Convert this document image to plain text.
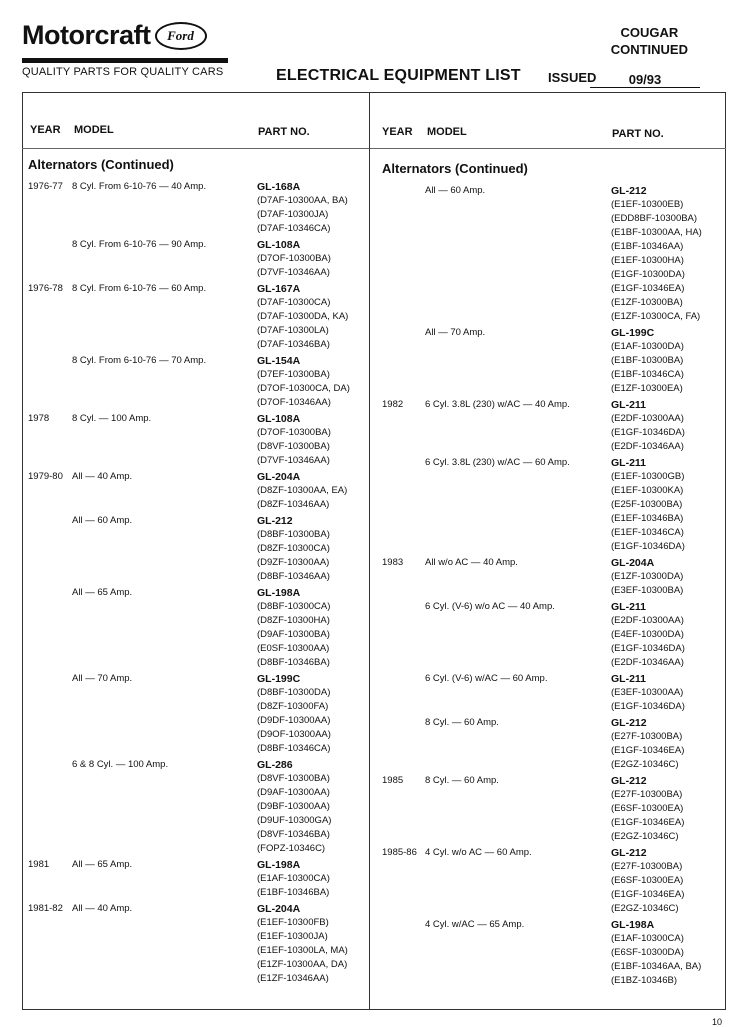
Motorcraft	Ford
QUALITY PARTS FOR QUALITY CARS
COUGAR
CONTINUED
ELECTRICAL EQUIPMENT LIST ISSUED	09/93
YEAR MODEL	PART NO.
Alternators (Continued)
YEAR MODEL	PART NO.
Alternators (Continued)
1976-77 8 Cyl. From 6-10-76 — 40 Amp.	GL-168A
(D7AF-10300AA, BA)
(D7AF-10300JA)
(D7AF-10346CA)
8 Cyl. From 6-10-76 — 90 Amp.	GL-108A
(D7OF-10300BA)
(D7VF-10346AA)
1976-78 8 Cyl. From 6-10-76 — 60 Amp.	GL-167A
(D7AF-10300CA)
(D7AF-10300DA, KA)
(D7AF-10300LA)
(D7AF-10346BA)
8 Cyl. From 6-10-76 — 70 Amp.	GL-154A
(D7EF-10300BA)
(D7OF-10300CA, DA)
(D7OF-10346AA)
1978 8 Cyl. — 100 Amp.	GL-108A
(D7OF-10300BA)
(D8VF-10300BA)
(D7VF-10346AA)
1979-80 All — 40 Amp.	GL-204A
(D8ZF-10300AA, EA)
(D8ZF-10346AA)
All — 60 Amp.	GL-212
(D8BF-10300BA)
(D8ZF-10300CA)
(D9ZF-10300AA)
(D8BF-10346AA)
All — 65 Amp.	GL-198A
(D8BF-10300CA)
(D8ZF-10300HA)
(D9AF-10300BA)
(E0SF-10300AA)
(D8BF-10346BA)
All — 70 Amp.	GL-199C
(D8BF-10300DA)
(D8ZF-10300FA)
(D9DF-10300AA)
(D9OF-10300AA)
(D8BF-10346CA)
6 & 8 Cyl. — 100 Amp.	GL-286
(D8VF-10300BA)
(D9AF-10300AA)
(D9BF-10300AA)
(D9UF-10300GA)
(D8VF-10346BA)
(FOPZ-10346C)
1981 All — 65 Amp.	GL-198A
(E1AF-10300CA)
(E1BF-10346BA)
1981-82 All — 40 Amp.	GL-204A
(E1EF-10300FB)
(E1EF-10300JA)
(E1EF-10300LA, MA)
(E1ZF-10300AA, DA)
(E1ZF-10346AA)
All — 60 Amp.	GL-212
(E1EF-10300EB)
(EDD8BF-10300BA)
(E1BF-10300AA, HA)
(E1BF-10346AA)
(E1EF-10300HA)
(E1GF-10300DA)
(E1GF-10346EA)
(E1ZF-10300BA)
(E1ZF-10300CA, FA)
All — 70 Amp.	GL-199C
(E1AF-10300DA)
(E1BF-10300BA)
(E1BF-10346CA)
(E1ZF-10300EA)
1982 6 Cyl. 3.8L (230) w/AC — 40 Amp.	GL-211
(E2DF-10300AA)
(E1GF-10346DA)
(E2DF-10346AA)
6 Cyl. 3.8L (230) w/AC — 60 Amp.	GL-211
(E1EF-10300GB)
(E1EF-10300KA)
(E25F-10300BA)
(E1EF-10346BA)
(E1EF-10346CA)
(E1GF-10346DA)
1983 All w/o AC — 40 Amp.	GL-204A
(E1ZF-10300DA)
(E3EF-10300BA)
6 Cyl. (V-6) w/o AC — 40 Amp.	GL-211
(E2DF-10300AA)
(E4EF-10300DA)
(E1GF-10346DA)
(E2DF-10346AA)
6 Cyl. (V-6) w/AC — 60 Amp.	GL-211
(E3EF-10300AA)
(E1GF-10346DA)
8 Cyl. — 60 Amp.	GL-212
(E27F-10300BA)
(E1GF-10346EA)
(E2GZ-10346C)
1985 8 Cyl. — 60 Amp.	GL-212
(E27F-10300BA)
(E6SF-10300EA)
(E1GF-10346EA)
(E2GZ-10346C)
1985-86 4 Cyl. w/o AC — 60 Amp.	GL-212
(E27F-10300BA)
(E6SF-10300EA)
(E1GF-10346EA)
(E2GZ-10346C)
4 Cyl. w/AC — 65 Amp.	GL-198A
(E1AF-10300CA)
(E6SF-10300DA)
(E1BF-10346AA, BA)
(E1BZ-10346B)
10
